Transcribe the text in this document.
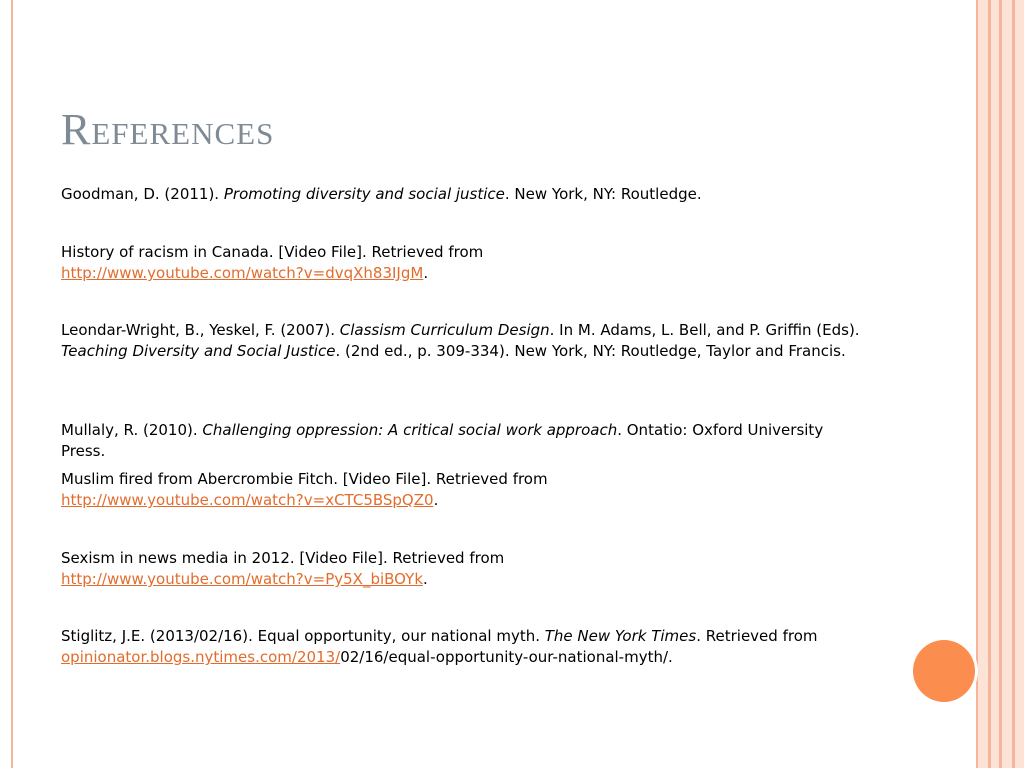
References

Goodman, D. (2011). Promoting diversity and social justice. New York, NY: Routledge.

History of racism in Canada. [Video File]. Retrieved from
http://www.youtube.com/watch?v=dvqXh83IJgM.

Leondar-Wright, B., Yeskel, F. (2007). Classism Curriculum Design. In M. Adams, L. Bell, and P. Griffin (Eds). Teaching Diversity and Social Justice. (2nd ed., p. 309-334). New York, NY: Routledge, Taylor and Francis.

Mullaly, R. (2010). Challenging oppression: A critical social work approach. Ontatio: Oxford University Press.

Muslim fired from Abercrombie Fitch. [Video File]. Retrieved from
http://www.youtube.com/watch?v=xCTC5BSpQZ0.

Sexism in news media in 2012. [Video File]. Retrieved from
http://www.youtube.com/watch?v=Py5X_biBOYk.

Stiglitz, J.E. (2013/02/16). Equal opportunity, our national myth. The New York Times. Retrieved from
opinionator.blogs.nytimes.com/2013/02/16/equal-opportunity-our-national-myth/.
